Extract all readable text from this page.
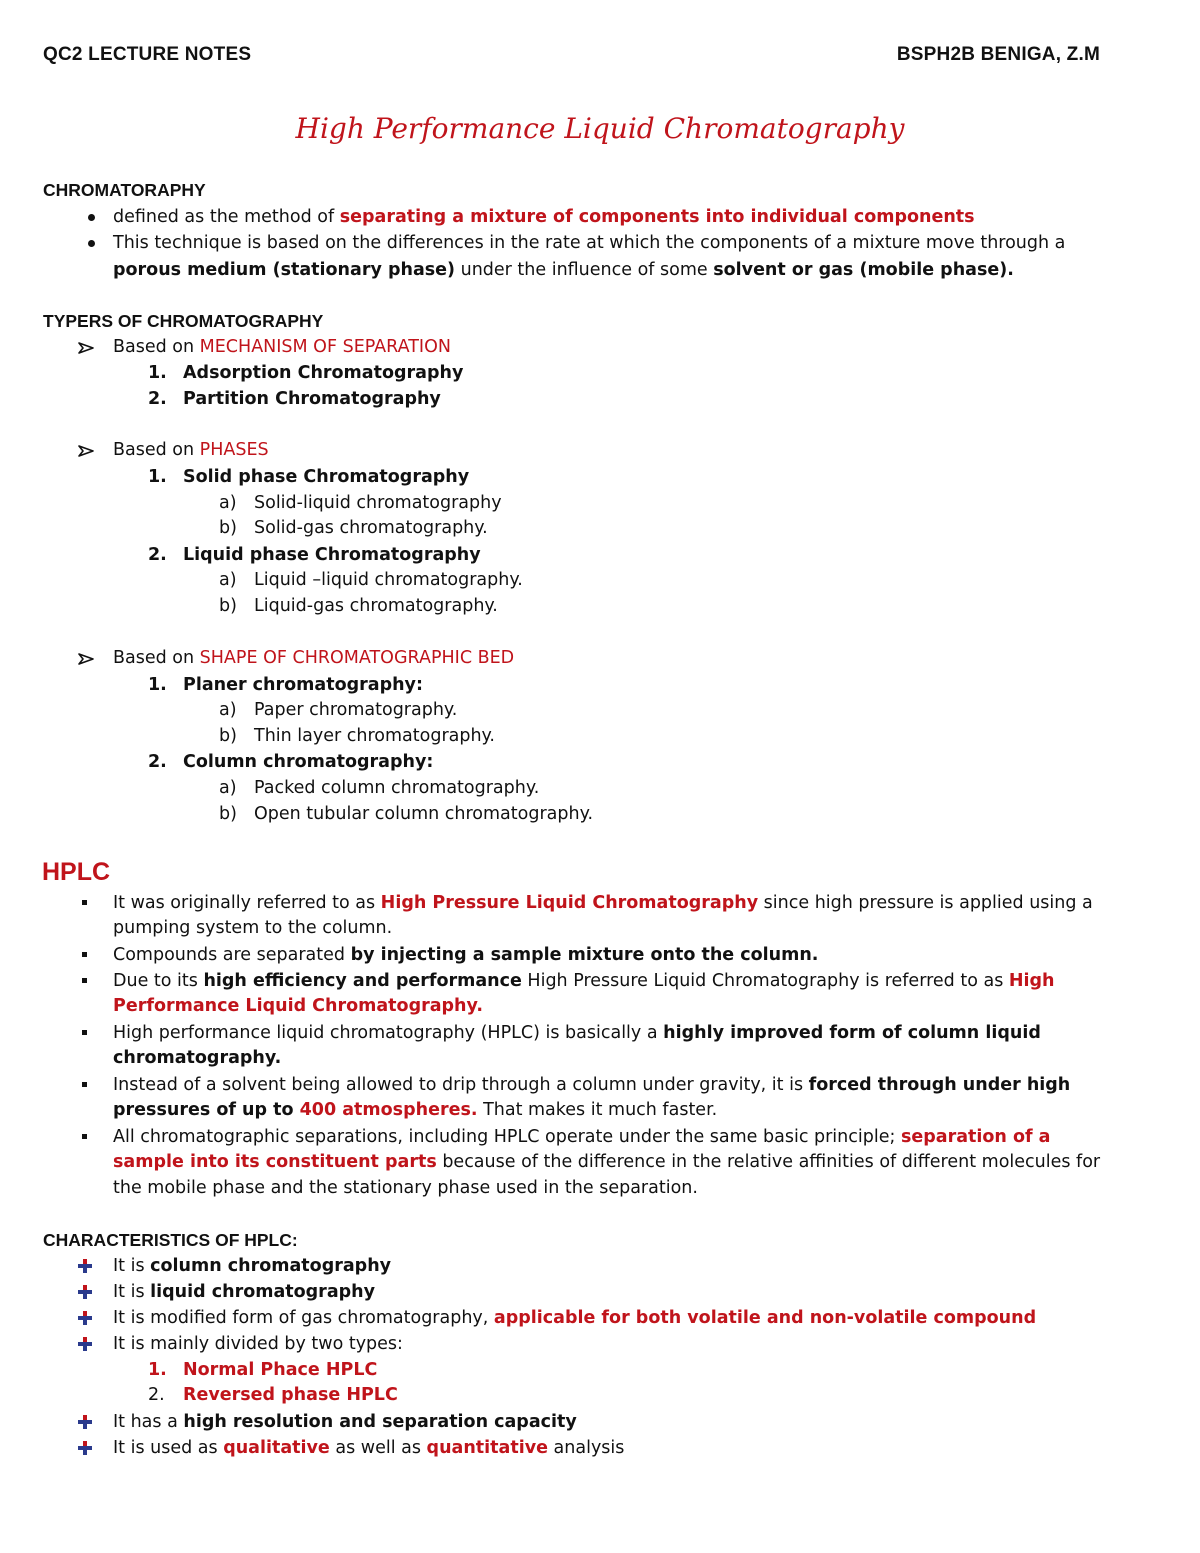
QC2 LECTURE NOTES	BSPH2B BENIGA, Z.M
High Performance Liquid Chromatography
CHROMATORAPHY
defined as the method of separating a mixture of components into individual components
This technique is based on the differences in the rate at which the components of a mixture move through a
porous medium (stationary phase) under the influence of some solvent or gas (mobile phase).
TYPERS OF CHROMATOGRAPHY
Based on MECHANISM OF SEPARATION
1. Adsorption Chromatography
2. Partition Chromatography
Based on PHASES
1. Solid phase Chromatography
a) Solid-liquid chromatography
b) Solid-gas chromatography.
2. Liquid phase Chromatography
a) Liquid –liquid chromatography.
b) Liquid-gas chromatography.
Based on SHAPE OF CHROMATOGRAPHIC BED
1. Planer chromatography:
a) Paper chromatography.
b) Thin layer chromatography.
2. Column chromatography:
a) Packed column chromatography.
b) Open tubular column chromatography.
HPLC
It was originally referred to as High Pressure Liquid Chromatography since high pressure is applied using a
pumping system to the column.
Compounds are separated by injecting a sample mixture onto the column.
Due to its high efficiency and performance High Pressure Liquid Chromatography is referred to as High
Performance Liquid Chromatography.
High performance liquid chromatography (HPLC) is basically a highly improved form of column liquid
chromatography.
Instead of a solvent being allowed to drip through a column under gravity, it is forced through under high
pressures of up to 400 atmospheres. That makes it much faster.
All chromatographic separations, including HPLC operate under the same basic principle; separation of a
sample into its constituent parts because of the difference in the relative affinities of different molecules for
the mobile phase and the stationary phase used in the separation.
CHARACTERISTICS OF HPLC:
It is column chromatography
It is liquid chromatography
It is modified form of gas chromatography, applicable for both volatile and non-volatile compound
It is mainly divided by two types:
1. Normal Phace HPLC
2. Reversed phase HPLC
It has a high resolution and separation capacity
It is used as qualitative as well as quantitative analysis
